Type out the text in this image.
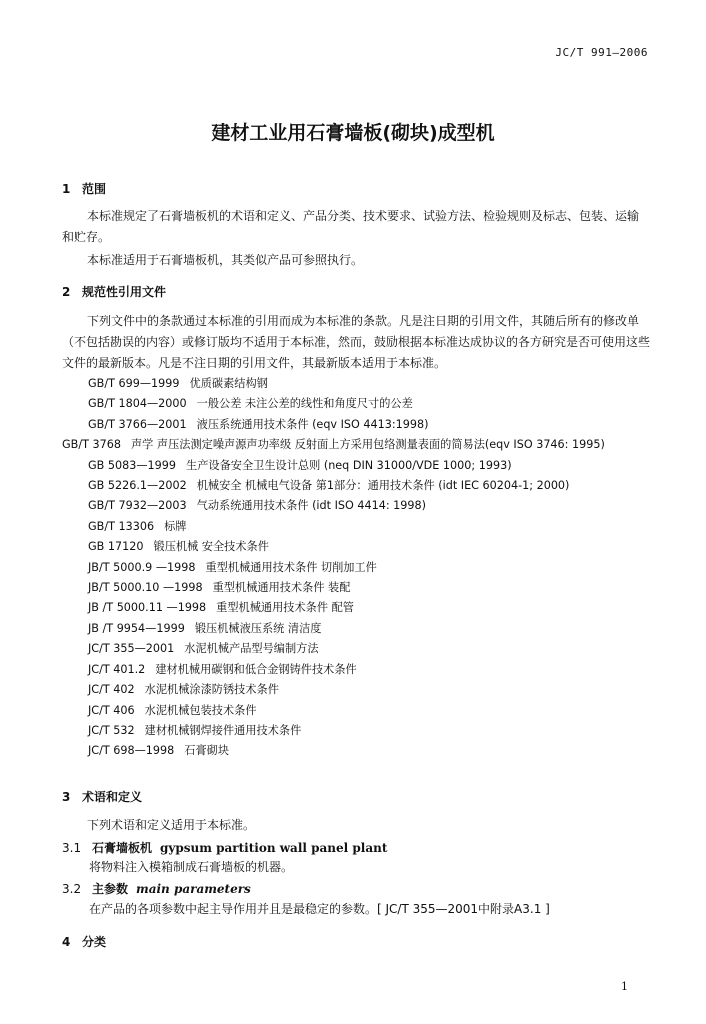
JC/T 991—2006
建材工业用石膏墙板(砌块)成型机
1 范围
本标准规定了石膏墙板机的术语和定义、产品分类、技术要求、试验方法、检验规则及标志、包装、运输和贮存。
本标准适用于石膏墙板机，其类似产品可参照执行。
2 规范性引用文件
下列文件中的条款通过本标准的引用而成为本标准的条款。凡是注日期的引用文件，其随后所有的修改单（不包括勘误的内容）或修订版均不适用于本标准，然而，鼓励根据本标准达成协议的各方研究是否可使用这些文件的最新版本。凡是不注日期的引用文件，其最新版本适用于本标准。
GB/T 699—1999 优质碳素结构钢
GB/T 1804—2000 一般公差 未注公差的线性和角度尺寸的公差
GB/T 3766—2001 液压系统通用技术条件 (eqv ISO 4413:1998)
GB/T 3768 声学 声压法测定噪声源声功率级 反射面上方采用包络测量表面的简易法(eqv ISO 3746: 1995)
GB 5083—1999 生产设备安全卫生设计总则 (neq DIN 31000/VDE 1000; 1993)
GB 5226.1—2002 机械安全 机械电气设备 第1部分：通用技术条件 (idt IEC 60204-1; 2000)
GB/T 7932—2003 气动系统通用技术条件 (idt ISO 4414: 1998)
GB/T 13306 标牌
GB 17120 锻压机械 安全技术条件
JB/T 5000.9 —1998 重型机械通用技术条件 切削加工件
JB/T 5000.10 —1998 重型机械通用技术条件 装配
JB /T 5000.11 —1998 重型机械通用技术条件 配管
JB /T 9954—1999 锻压机械液压系统 清洁度
JC/T 355—2001 水泥机械产品型号编制方法
JC/T 401.2 建材机械用碳钢和低合金钢铸件技术条件
JC/T 402 水泥机械涂漆防锈技术条件
JC/T 406 水泥机械包装技术条件
JC/T 532 建材机械钢焊接件通用技术条件
JC/T 698—1998 石膏砌块
3 术语和定义
下列术语和定义适用于本标准。
3.1 石膏墙板机 gypsum partition wall panel plant
将物料注入模箱制成石膏墙板的机器。
3.2 主参数 main parameters
在产品的各项参数中起主导作用并且是最稳定的参数。[ JC/T 355—2001中附录A3.1 ]
4 分类
1
